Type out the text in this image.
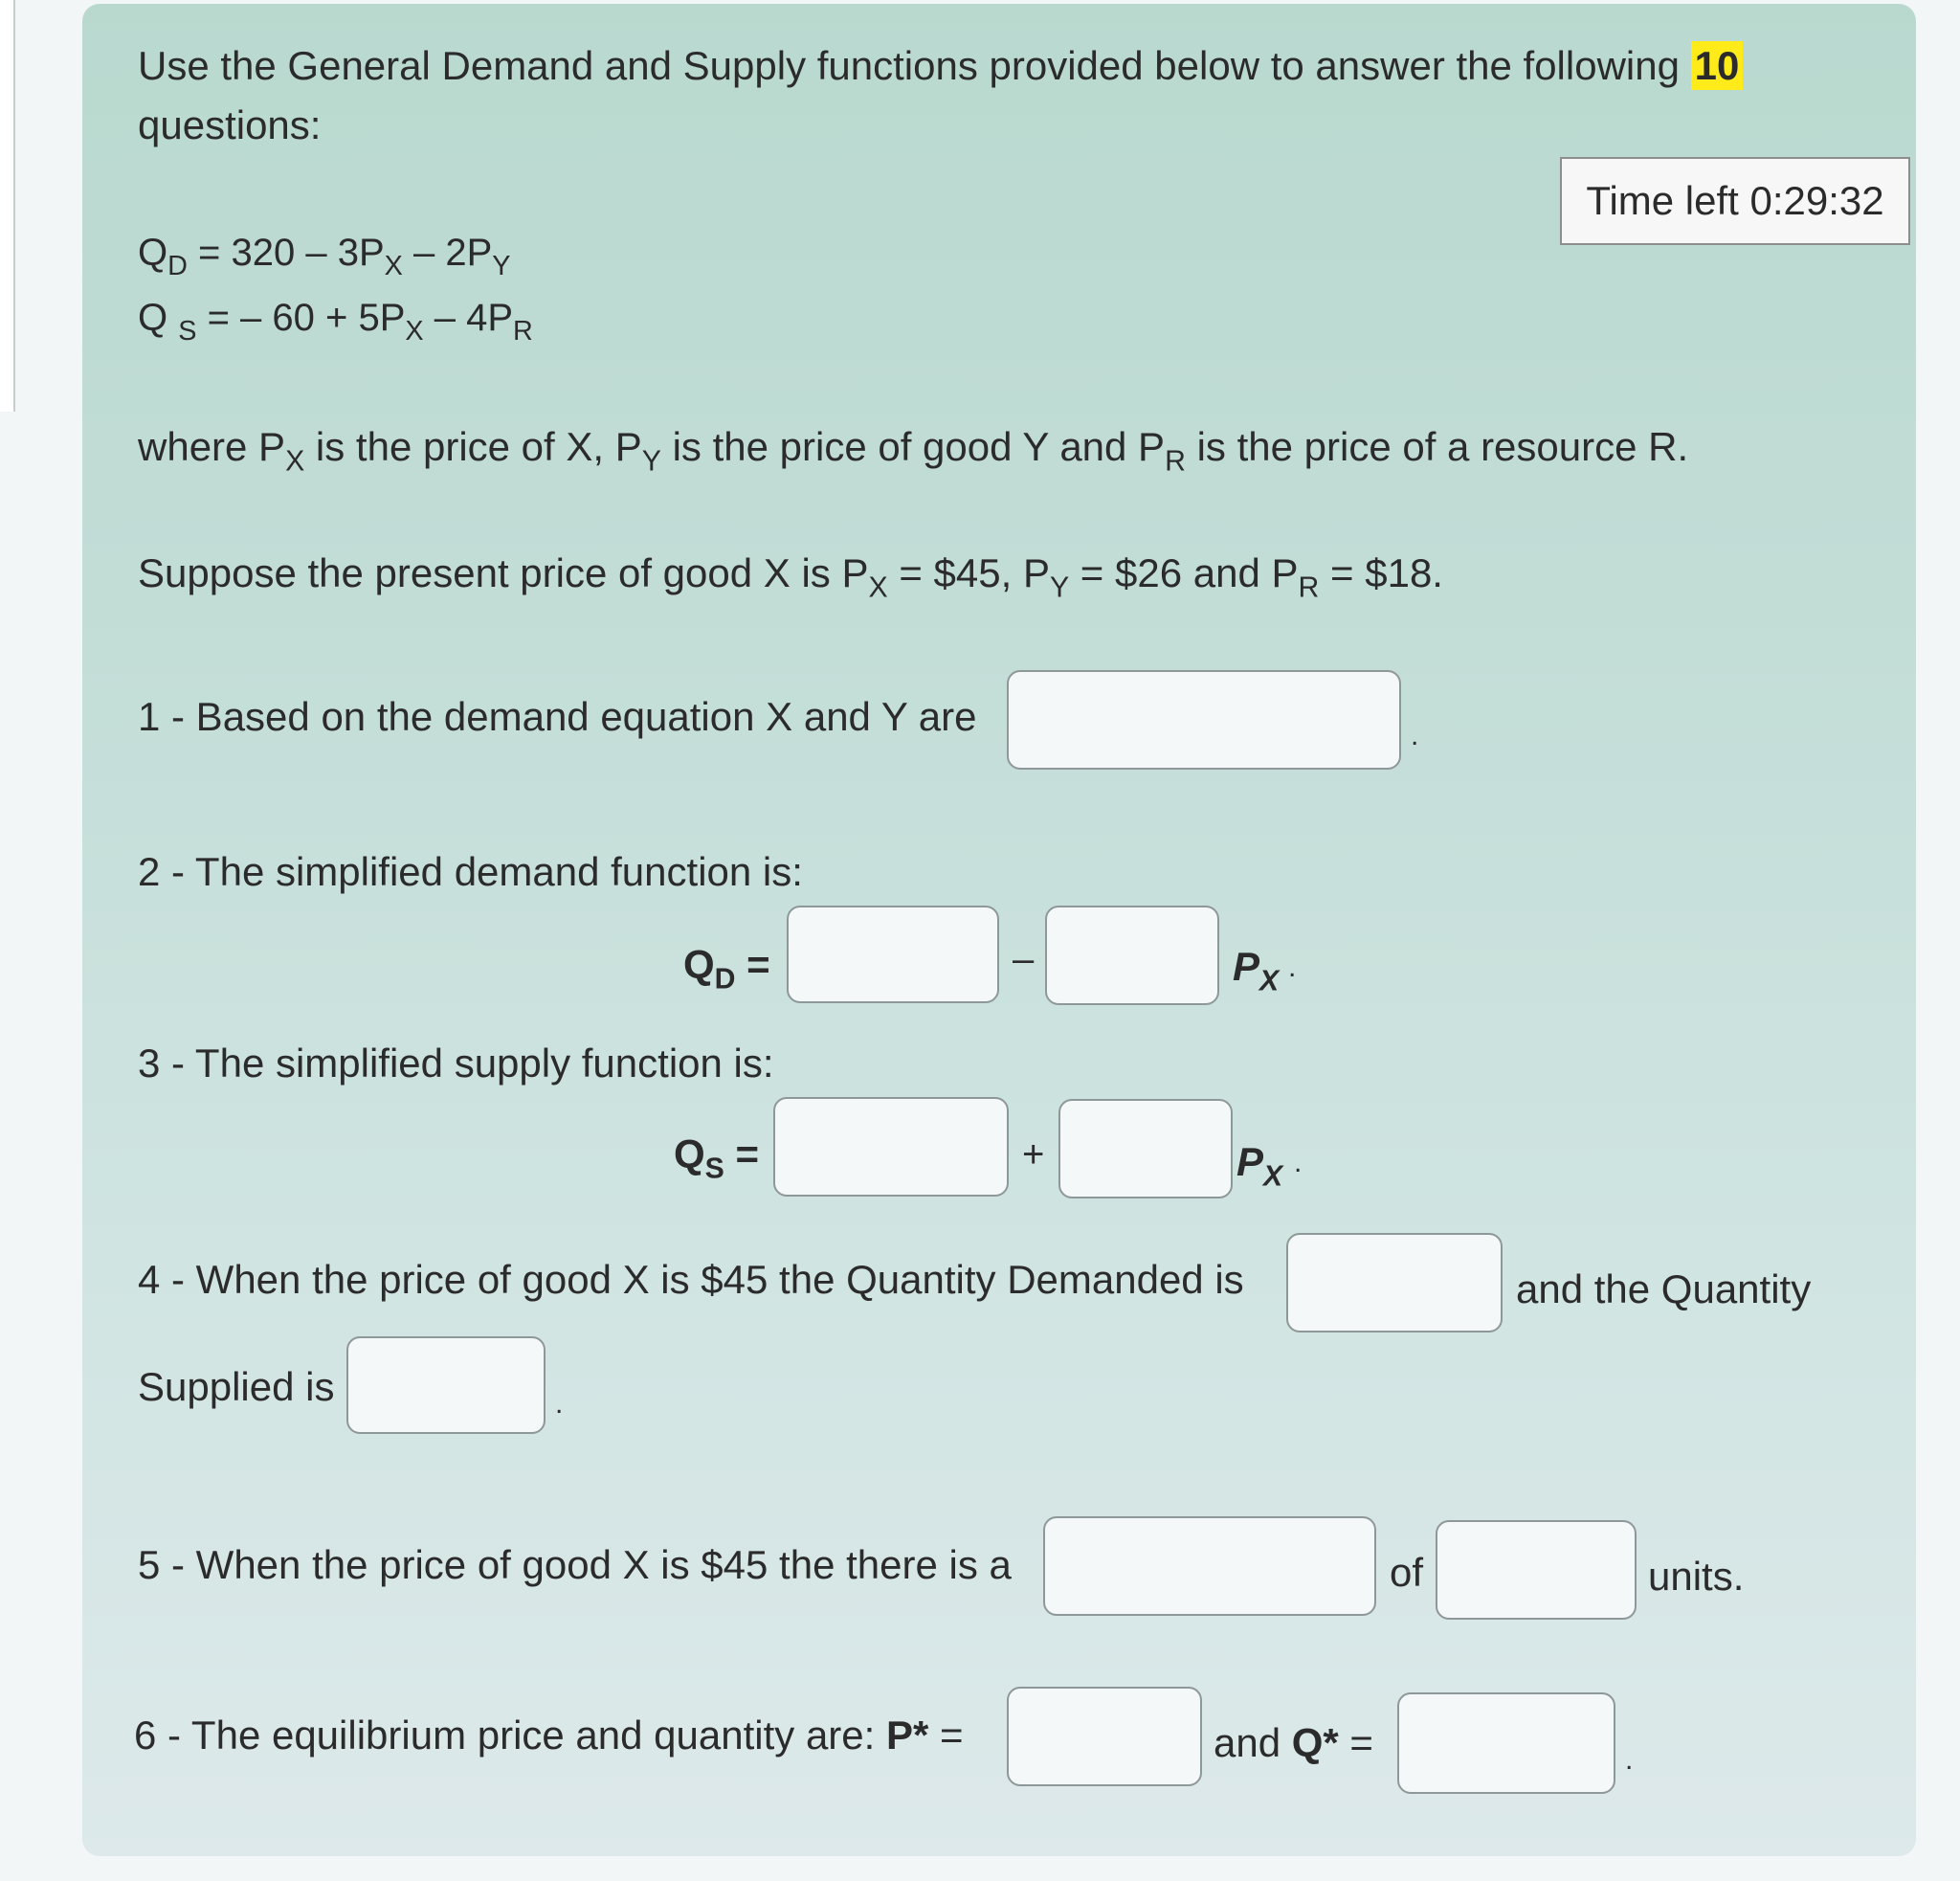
Use the General Demand and Supply functions provided below to answer the following 10
questions:
Time left 0:29:32
$Q_D = 320 - 3P_X - 2P_Y$
Q $_S$ = – $60 + 5P_X - 4P_R$
where $P_X$ is the price of X, $P_Y$ is the price of good Y and $P_R$ is the price of a resource R.
Suppose the present price of good X is $P_X$ = $45, $P_Y$ = $26 and $P_R$ = $18.
1 - Based on the demand equation X and Y are	.
2 - The simplified demand function is:
$Q_D$ =	–	$P_X$ .
3 - The simplified supply function is:
$Q_S$ =	+	$P_X$ .
4 - When the price of good X is $45 the Quantity Demanded is	and the Quantity
Supplied is	.
5 - When the price of good X is $45 the there is a	of	units.
6 - The equilibrium price and quantity are: P* =	and Q* =	.
